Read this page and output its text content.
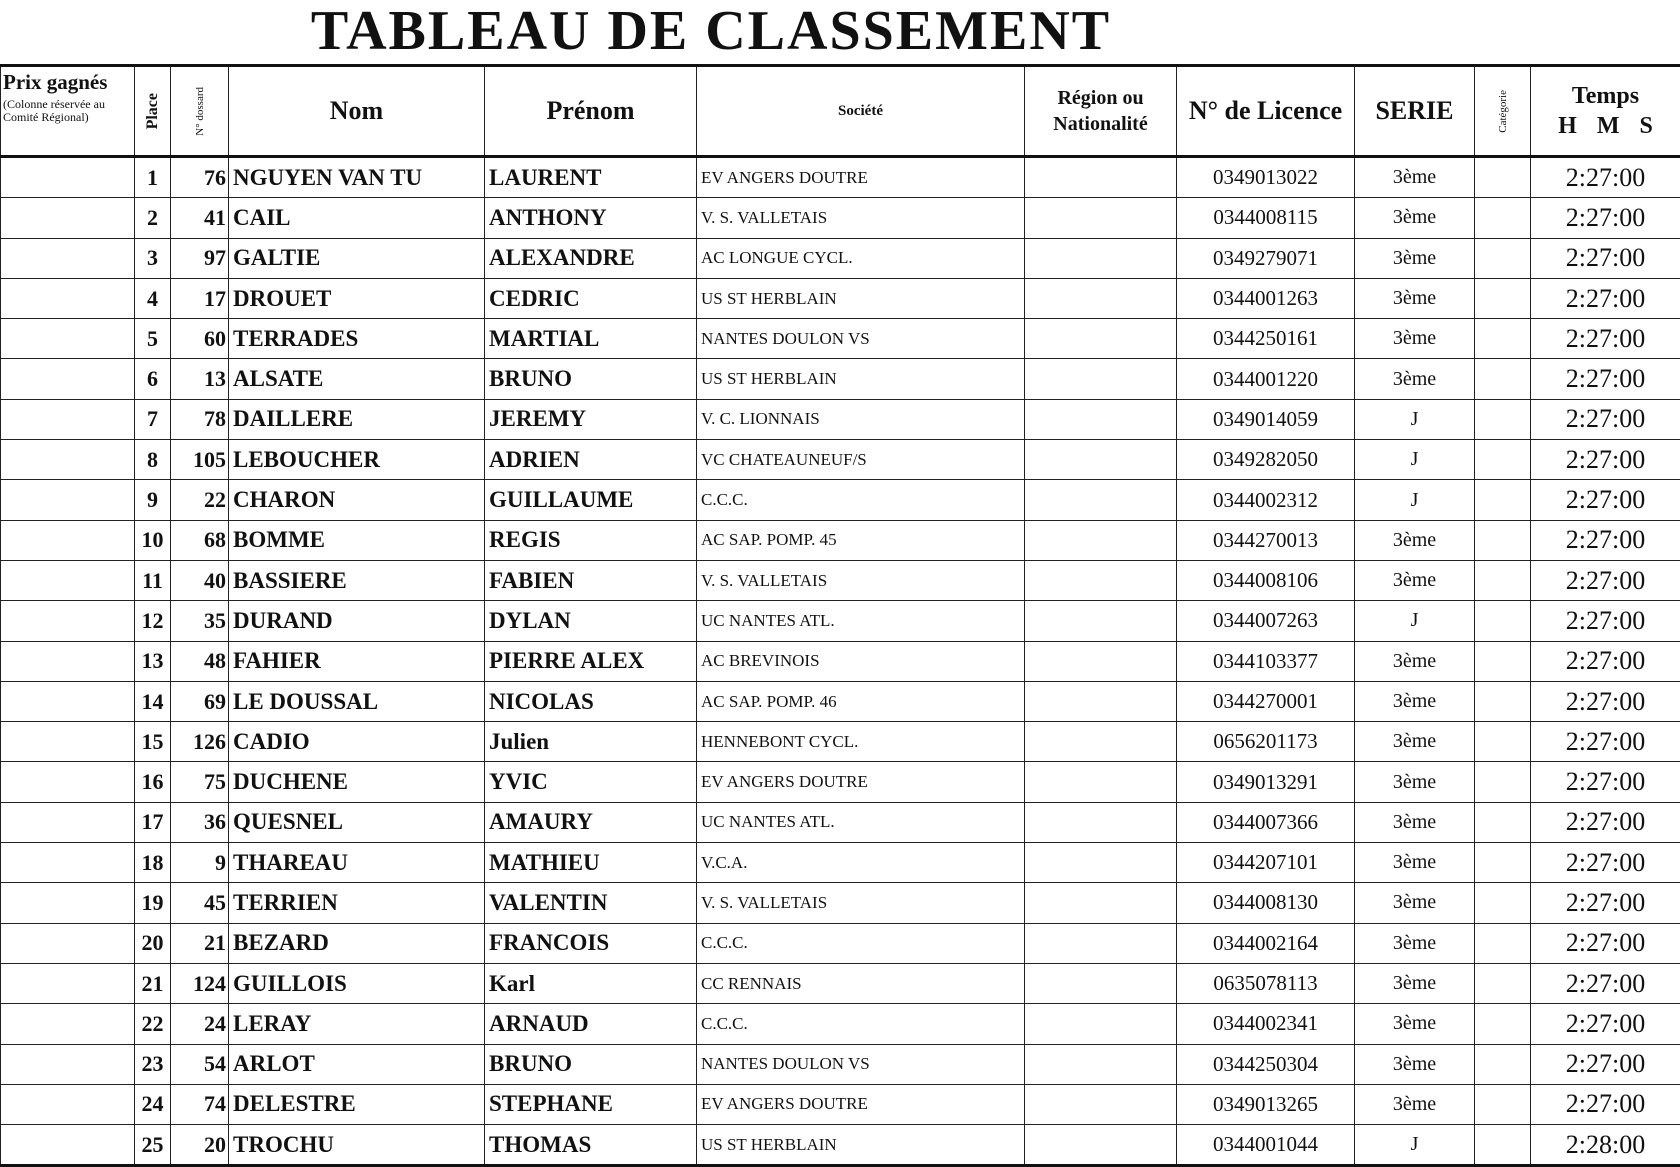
TABLEAU DE CLASSEMENT
Prix gagnés
(Colonne réservée au Comité Régional)	Place	N° dossard	Nom	Prénom	Société	Région ou Nationalité	N° de Licence	SERIE	Catégorie	Temps
H M S

	1	76	NGUYEN VAN TU	LAURENT	EV ANGERS DOUTRE		0349013022	3ème		2:27:00
	2	41	CAIL	ANTHONY	V. S. VALLETAIS		0344008115	3ème		2:27:00
	3	97	GALTIE	ALEXANDRE	AC LONGUE CYCL.		0349279071	3ème		2:27:00
	4	17	DROUET	CEDRIC	US ST HERBLAIN		0344001263	3ème		2:27:00
	5	60	TERRADES	MARTIAL	NANTES DOULON VS		0344250161	3ème		2:27:00
	6	13	ALSATE	BRUNO	US ST HERBLAIN		0344001220	3ème		2:27:00
	7	78	DAILLERE	JEREMY	V. C. LIONNAIS		0349014059	J		2:27:00
	8	105	LEBOUCHER	ADRIEN	VC CHATEAUNEUF/S		0349282050	J		2:27:00
	9	22	CHARON	GUILLAUME	C.C.C.		0344002312	J		2:27:00
	10	68	BOMME	REGIS	AC SAP. POMP. 45		0344270013	3ème		2:27:00
	11	40	BASSIERE	FABIEN	V. S. VALLETAIS		0344008106	3ème		2:27:00
	12	35	DURAND	DYLAN	UC NANTES ATL.		0344007263	J		2:27:00
	13	48	FAHIER	PIERRE ALEX	AC BREVINOIS		0344103377	3ème		2:27:00
	14	69	LE DOUSSAL	NICOLAS	AC SAP. POMP. 46		0344270001	3ème		2:27:00
	15	126	CADIO	Julien	HENNEBONT CYCL.		0656201173	3ème		2:27:00
	16	75	DUCHENE	YVIC	EV ANGERS DOUTRE		0349013291	3ème		2:27:00
	17	36	QUESNEL	AMAURY	UC NANTES ATL.		0344007366	3ème		2:27:00
	18	9	THAREAU	MATHIEU	V.C.A.		0344207101	3ème		2:27:00
	19	45	TERRIEN	VALENTIN	V. S. VALLETAIS		0344008130	3ème		2:27:00
	20	21	BEZARD	FRANCOIS	C.C.C.		0344002164	3ème		2:27:00
	21	124	GUILLOIS	Karl	CC RENNAIS		0635078113	3ème		2:27:00
	22	24	LERAY	ARNAUD	C.C.C.		0344002341	3ème		2:27:00
	23	54	ARLOT	BRUNO	NANTES DOULON VS		0344250304	3ème		2:27:00
	24	74	DELESTRE	STEPHANE	EV ANGERS DOUTRE		0349013265	3ème		2:27:00
	25	20	TROCHU	THOMAS	US ST HERBLAIN		0344001044	J		2:28:00
